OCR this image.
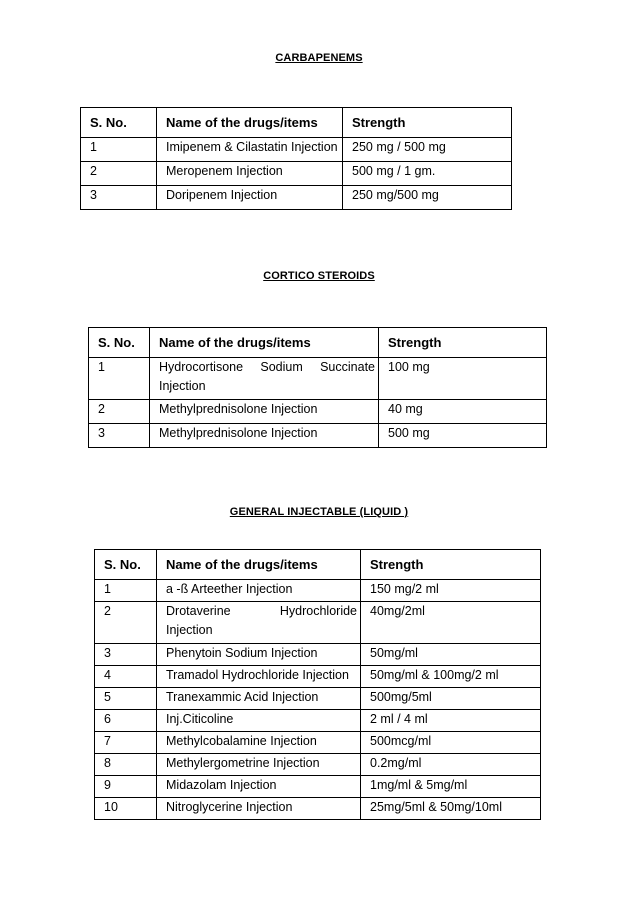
CARBAPENEMS
S. No.	Name of the drugs/items	Strength
1	Imipenem & Cilastatin Injection	250 mg / 500 mg
2	Meropenem Injection	500 mg / 1 gm.
3	Doripenem Injection	250 mg/500 mg
CORTICO STEROIDS
S. No.	Name of the drugs/items	Strength
1	Hydrocortisone Sodium Succinate Injection	100 mg
2	Methylprednisolone Injection	40 mg
3	Methylprednisolone Injection	500 mg
GENERAL INJECTABLE (LIQUID )
S. No.	Name of the drugs/items	Strength
1	a -ß Arteether Injection	150 mg/2 ml
2	Drotaverine Hydrochloride Injection	40mg/2ml
3	Phenytoin Sodium Injection	50mg/ml
4	Tramadol Hydrochloride Injection	50mg/ml & 100mg/2 ml
5	Tranexammic Acid Injection	500mg/5ml
6	Inj.Citicoline	2 ml / 4 ml
7	Methylcobalamine Injection	500mcg/ml
8	Methylergometrine Injection	0.2mg/ml
9	Midazolam Injection	1mg/ml & 5mg/ml
10	Nitroglycerine Injection	25mg/5ml & 50mg/10ml
